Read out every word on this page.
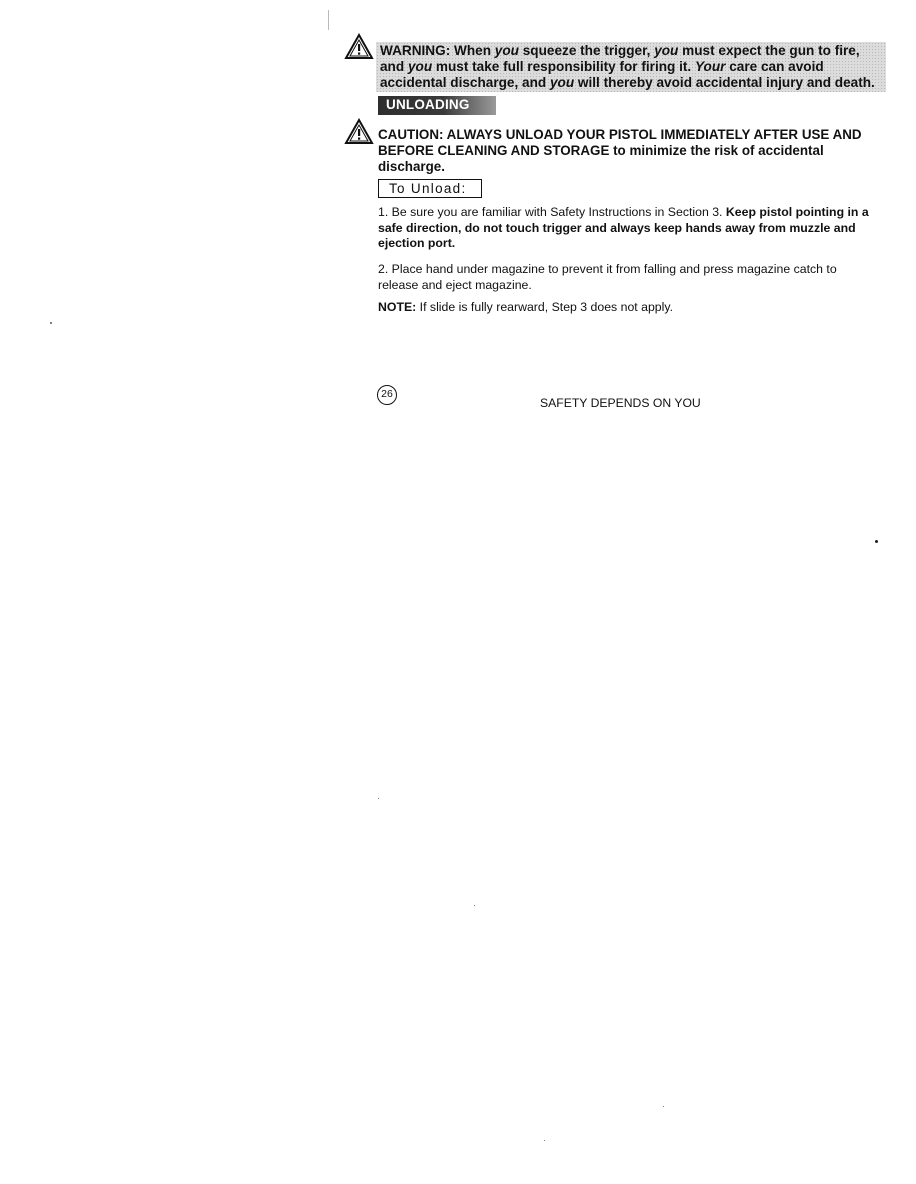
WARNING: When you squeeze the trigger, you must expect the gun to fire,
and you must take full responsibility for firing it. Your care can avoid
accidental discharge, and you will thereby avoid accidental injury and death.
UNLOADING
CAUTION: ALWAYS UNLOAD YOUR PISTOL IMMEDIATELY AFTER USE AND BEFORE CLEANING AND STORAGE to minimize the risk of accidental discharge.
To Unload:
1. Be sure you are familiar with Safety Instructions in Section 3. Keep pistol pointing in a safe direction, do not touch trigger and always keep hands away from muzzle and ejection port.
2. Place hand under magazine to prevent it from falling and press magazine catch to release and eject magazine.
NOTE: If slide is fully rearward, Step 3 does not apply.
26
SAFETY DEPENDS ON YOU
